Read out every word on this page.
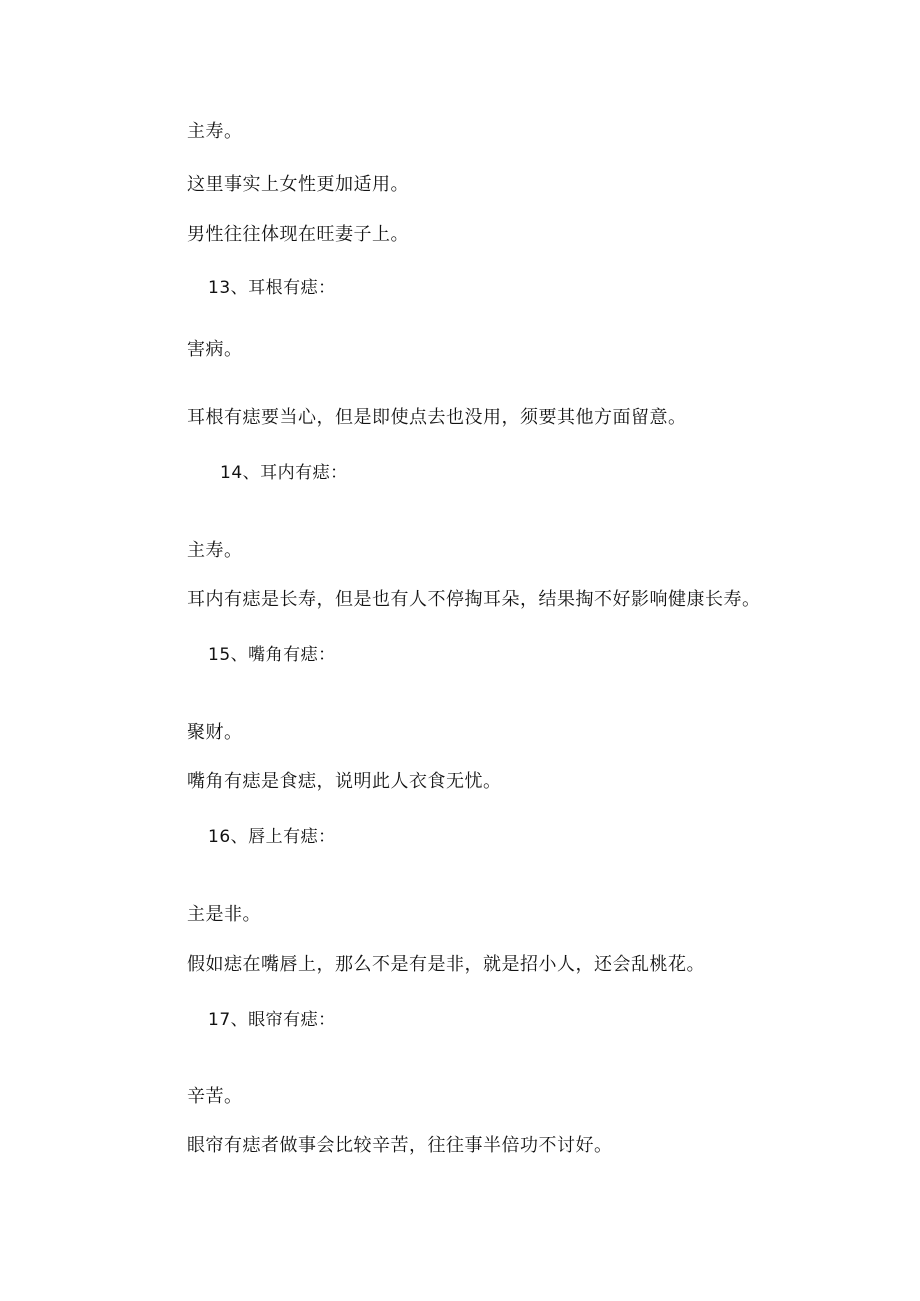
主寿。
这里事实上女性更加适用。
男性往往体现在旺妻子上。
13、耳根有痣：
害病。
耳根有痣要当心，但是即使点去也没用，须要其他方面留意。
14、耳内有痣：
主寿。
耳内有痣是长寿，但是也有人不停掏耳朵，结果掏不好影响健康长寿。
15、嘴角有痣：
聚财。
嘴角有痣是食痣，说明此人衣食无忧。
16、唇上有痣：
主是非。
假如痣在嘴唇上，那么不是有是非，就是招小人，还会乱桃花。
17、眼帘有痣：
辛苦。
眼帘有痣者做事会比较辛苦，往往事半倍功不讨好。
